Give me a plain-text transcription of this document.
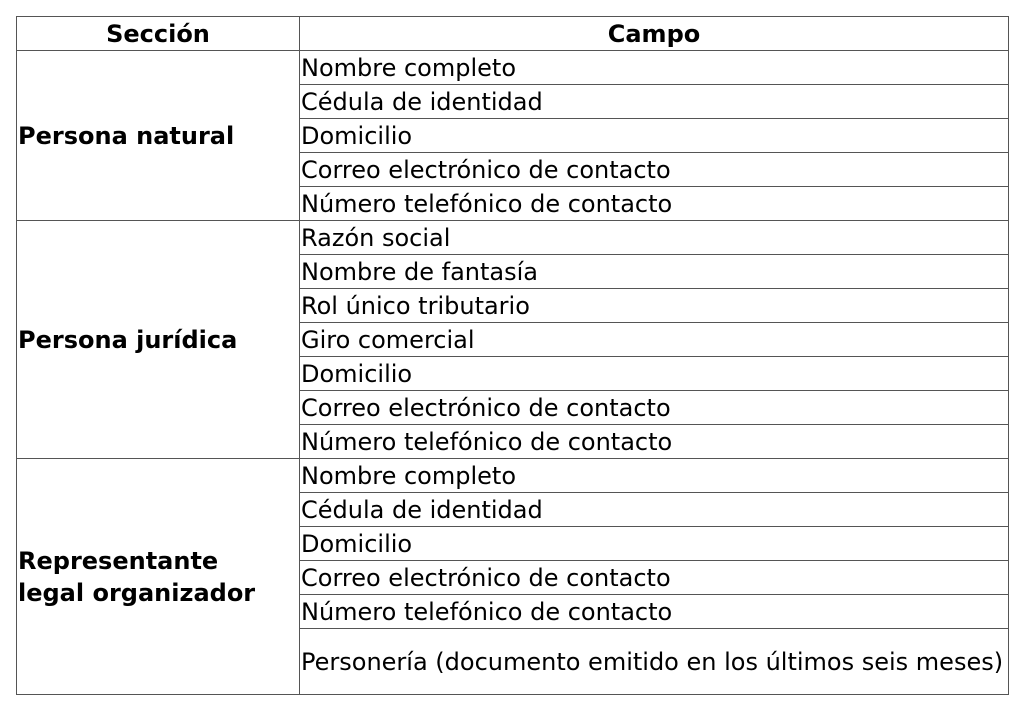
Sección	Campo

Persona natural	Nombre completo
	Cédula de identidad
	Domicilio
	Correo electrónico de contacto
	Número telefónico de contacto

Persona jurídica	Razón social
	Nombre de fantasía
	Rol único tributario
	Giro comercial
	Domicilio
	Correo electrónico de contacto
	Número telefónico de contacto

Representante legal organizador	Nombre completo
	Cédula de identidad
	Domicilio
	Correo electrónico de contacto
	Número telefónico de contacto
	Personería (documento emitido en los últimos seis meses)
